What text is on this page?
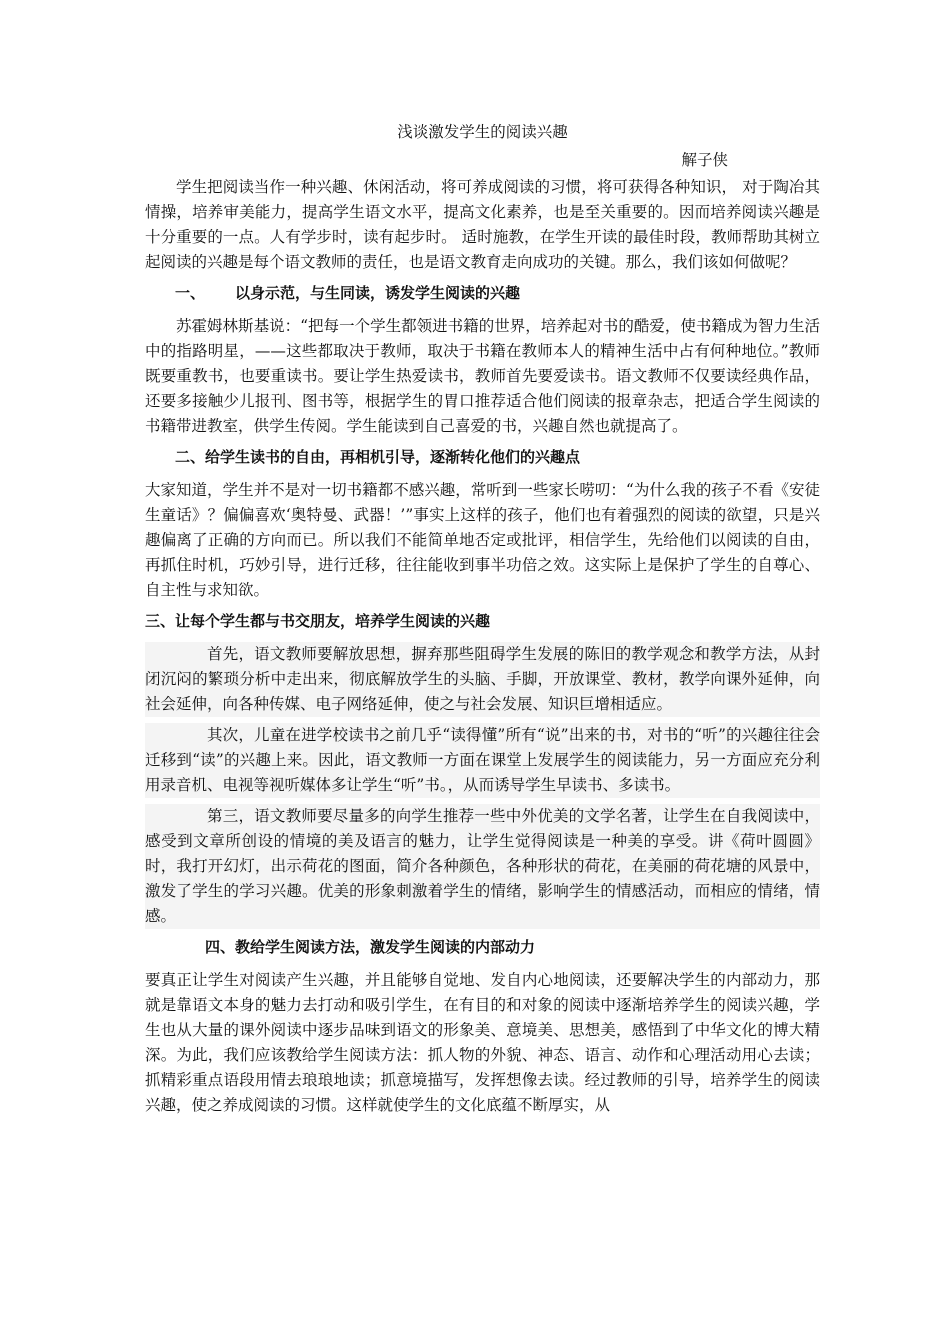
浅谈激发学生的阅读兴趣

解子侠

学生把阅读当作一种兴趣、休闲活动，将可养成阅读的习惯，将可获得各种知识， 对于陶冶其情操，培养审美能力，提高学生语文水平，提高文化素养，也是至关重要的。因而培养阅读兴趣是十分重要的一点。人有学步时，读有起步时。 适时施教，在学生开读的最佳时段，教师帮助其树立起阅读的兴趣是每个语文教师的责任，也是语文教育走向成功的关键。那么，我们该如何做呢？

一、 以身示范，与生同读，诱发学生阅读的兴趣

苏霍姆林斯基说：“把每一个学生都领进书籍的世界，培养起对书的酷爱，使书籍成为智力生活中的指路明星，——这些都取决于教师，取决于书籍在教师本人的精神生活中占有何种地位。”教师既要重教书，也要重读书。要让学生热爱读书，教师首先要爱读书。语文教师不仅要读经典作品，还要多接触少儿报刊、图书等，根据学生的胃口推荐适合他们阅读的报章杂志，把适合学生阅读的书籍带进教室，供学生传阅。学生能读到自己喜爱的书，兴趣自然也就提高了。

二、给学生读书的自由，再相机引导，逐渐转化他们的兴趣点

大家知道，学生并不是对一切书籍都不感兴趣，常听到一些家长唠叨：“为什么我的孩子不看《安徒生童话》？偏偏喜欢‘奥特曼、武器！’”事实上这样的孩子，他们也有着强烈的阅读的欲望，只是兴趣偏离了正确的方向而已。所以我们不能简单地否定或批评，相信学生，先给他们以阅读的自由，再抓住时机，巧妙引导，进行迁移，往往能收到事半功倍之效。这实际上是保护了学生的自尊心、自主性与求知欲。

三、让每个学生都与书交朋友，培养学生阅读的兴趣

首先，语文教师要解放思想，摒弃那些阻碍学生发展的陈旧的教学观念和教学方法，从封闭沉闷的繁琐分析中走出来，彻底解放学生的头脑、手脚，开放课堂、教材，教学向课外延伸，向社会延伸，向各种传媒、电子网络延伸，使之与社会发展、知识巨增相适应。

其次，儿童在进学校读书之前几乎“读得懂”所有“说”出来的书，对书的“听”的兴趣往往会迁移到“读”的兴趣上来。因此，语文教师一方面在课堂上发展学生的阅读能力，另一方面应充分利用录音机、电视等视听媒体多让学生“听”书。，从而诱导学生早读书、多读书。

第三，语文教师要尽量多的向学生推荐一些中外优美的文学名著，让学生在自我阅读中，感受到文章所创设的情境的美及语言的魅力，让学生觉得阅读是一种美的享受。讲《荷叶圆圆》时，我打开幻灯，出示荷花的图面，简介各种颜色，各种形状的荷花，在美丽的荷花塘的风景中，激发了学生的学习兴趣。优美的形象刺激着学生的情绪，影响学生的情感活动，而相应的情绪，情感。

四、教给学生阅读方法，激发学生阅读的内部动力

要真正让学生对阅读产生兴趣，并且能够自觉地、发自内心地阅读，还要解决学生的内部动力，那就是靠语文本身的魅力去打动和吸引学生，在有目的和对象的阅读中逐渐培养学生的阅读兴趣，学生也从大量的课外阅读中逐步品味到语文的形象美、意境美、思想美，感悟到了中华文化的博大精深。为此，我们应该教给学生阅读方法：抓人物的外貌、神态、语言、动作和心理活动用心去读；抓精彩重点语段用情去琅琅地读；抓意境描写，发挥想像去读。经过教师的引导，培养学生的阅读兴趣，使之养成阅读的习惯。这样就使学生的文化底蕴不断厚实，从
